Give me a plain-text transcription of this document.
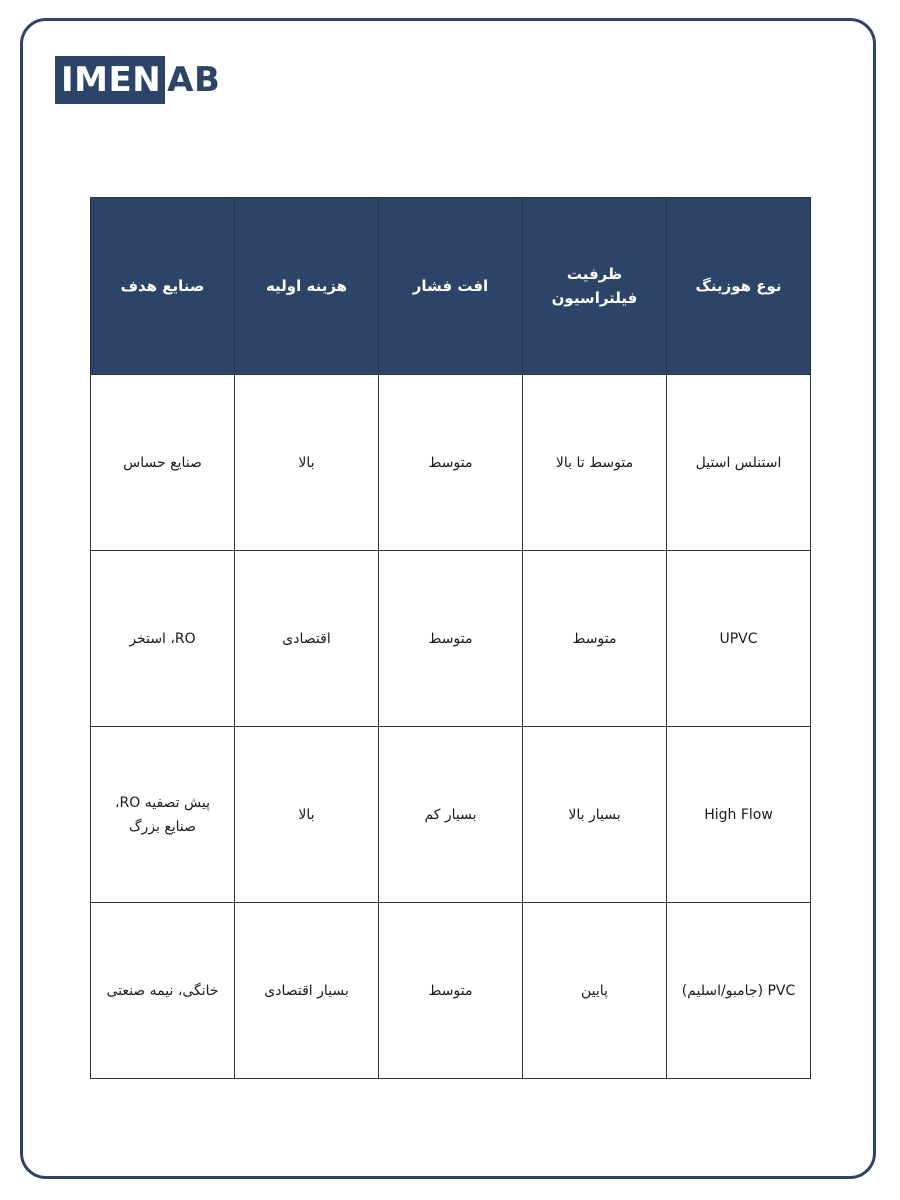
IMEN AB
نوع هوزینگ	ظرفیت فیلتراسیون	افت فشار	هزینه اولیه	صنایع هدف
استنلس استیل	متوسط تا بالا	متوسط	بالا	صنایع حساس
UPVC	متوسط	متوسط	اقتصادی	RO، استخر
High Flow	بسیار بالا	بسیار کم	بالا	پیش تصفیه RO، صنایع بزرگ
PVC (جامبو/اسلیم)	پایین	متوسط	بسیار اقتصادی	خانگی، نیمه صنعتی
